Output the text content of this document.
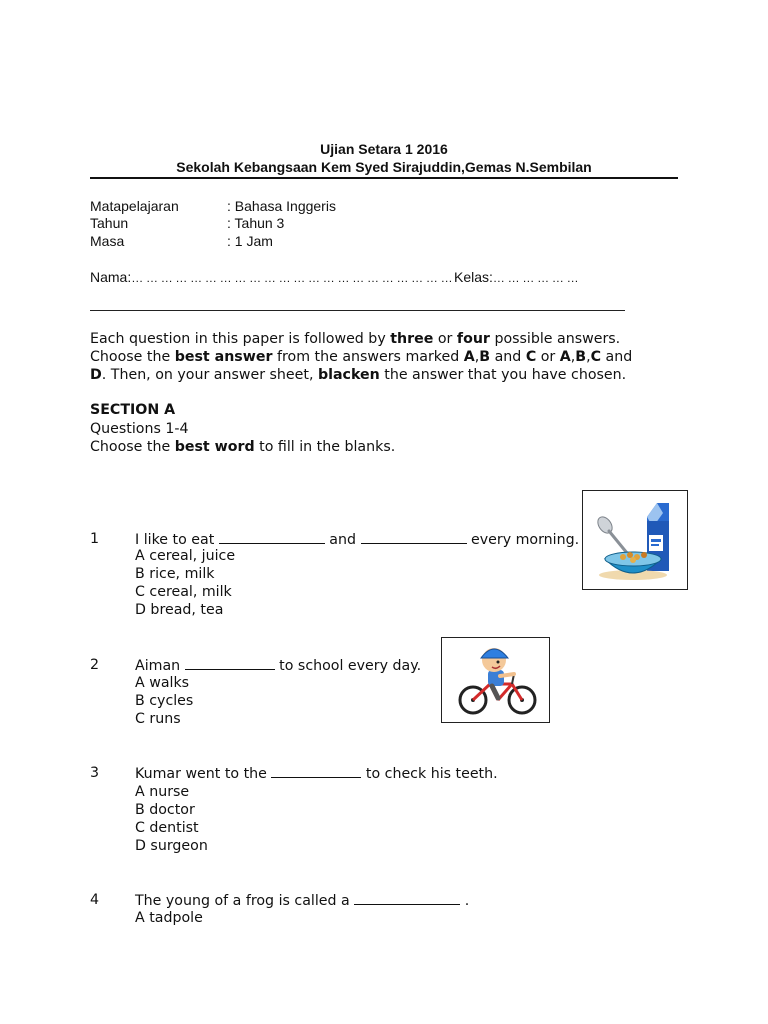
Ujian Setara 1 2016
Sekolah Kebangsaan Kem Syed Sirajuddin,Gemas N.Sembilan
Matapelajaran	: Bahasa Inggeris
Tahun	: Tahun 3
Masa	: 1 Jam
Nama:… … … … … … … … … … … … … … … … … … … … … … Kelas:… … … … … …
Each question in this paper is followed by three or four possible answers.
Choose the best answer from the answers marked A,B and C or A,B,C and
D. Then, on your answer sheet, blacken the answer that you have chosen.
SECTION A
Questions 1-4
Choose the best word to fill in the blanks.
1	I like to eat	and	every morning.
A cereal, juice
B rice, milk
C cereal, milk
D bread, tea
2	Aiman	to school every day.
A walks
B cycles
C runs
3	Kumar went to the	to check his teeth.
A nurse
B doctor
C dentist
D surgeon
4	The young of a frog is called a	.
A tadpole
